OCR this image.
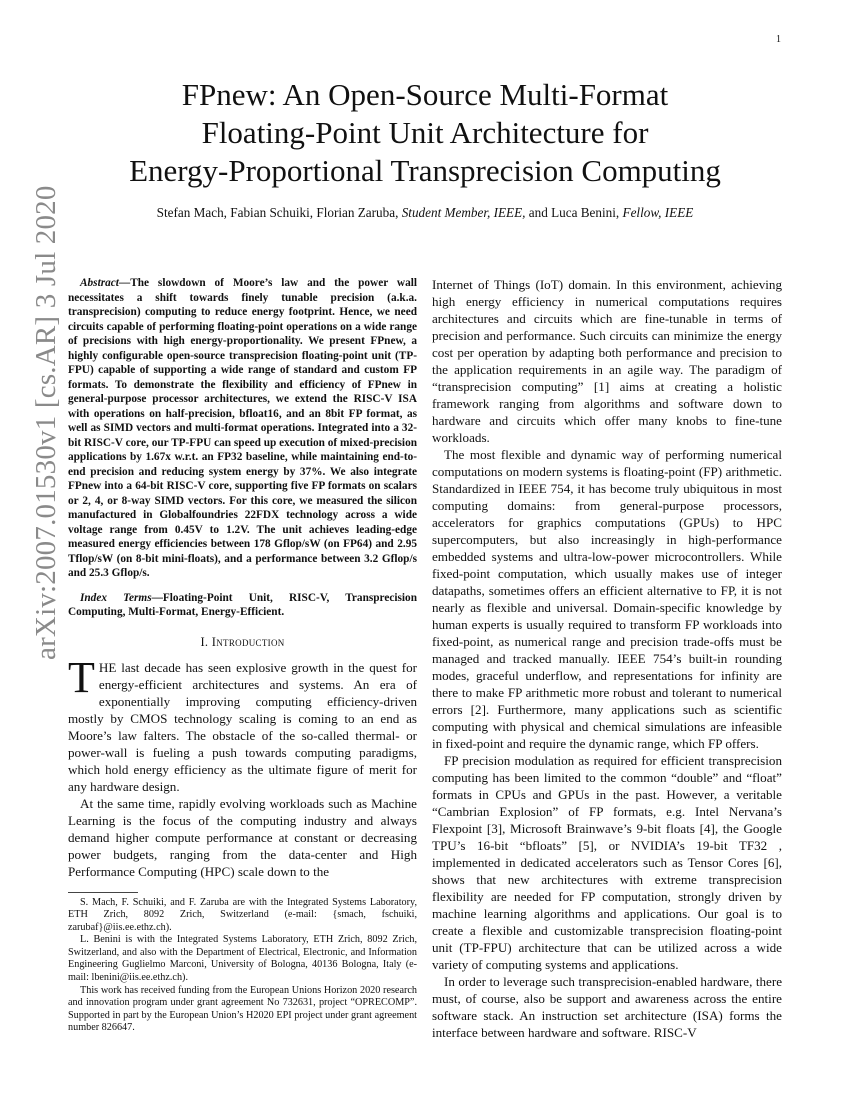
1
arXiv:2007.01530v1 [cs.AR] 3 Jul 2020
FPnew: An Open-Source Multi-Format
Floating-Point Unit Architecture for
Energy-Proportional Transprecision Computing
Stefan Mach, Fabian Schuiki, Florian Zaruba, Student Member, IEEE, and Luca Benini, Fellow, IEEE

Abstract—The slowdown of Moore’s law and the power wall necessitates a shift towards finely tunable precision (a.k.a. transprecision) computing to reduce energy footprint. Hence, we need circuits capable of performing floating-point operations on a wide range of precisions with high energy-proportionality. We present FPnew, a highly configurable open-source transprecision floating-point unit (TP-FPU) capable of supporting a wide range of standard and custom FP formats. To demonstrate the flexibility and efficiency of FPnew in general-purpose processor architectures, we extend the RISC-V ISA with operations on half-precision, bfloat16, and an 8bit FP format, as well as SIMD vectors and multi-format operations. Integrated into a 32-bit RISC-V core, our TP-FPU can speed up execution of mixed-precision applications by 1.67x w.r.t. an FP32 baseline, while maintaining end-to-end precision and reducing system energy by 37%. We also integrate FPnew into a 64-bit RISC-V core, supporting five FP formats on scalars or 2, 4, or 8-way SIMD vectors. For this core, we measured the silicon manufactured in Globalfoundries 22FDX technology across a wide voltage range from 0.45V to 1.2V. The unit achieves leading-edge measured energy efficiencies between 178 Gflop/sW (on FP64) and 2.95 Tflop/sW (on 8-bit mini-floats), and a performance between 3.2 Gflop/s and 25.3 Gflop/s.

Index Terms—Floating-Point Unit, RISC-V, Transprecision Computing, Multi-Format, Energy-Efficient.

I. Introduction

THE last decade has seen explosive growth in the quest for energy-efficient architectures and systems. An era of exponentially improving computing efficiency-driven mostly by CMOS technology scaling is coming to an end as Moore’s law falters. The obstacle of the so-called thermal- or power-wall is fueling a push towards computing paradigms, which hold energy efficiency as the ultimate figure of merit for any hardware design.

At the same time, rapidly evolving workloads such as Machine Learning is the focus of the computing industry and always demand higher compute performance at constant or decreasing power budgets, ranging from the data-center and High Performance Computing (HPC) scale down to the

S. Mach, F. Schuiki, and F. Zaruba are with the Integrated Systems Laboratory, ETH Zrich, 8092 Zrich, Switzerland (e-mail: {smach, fschuiki, zarubaf}@iis.ee.ethz.ch).

L. Benini is with the Integrated Systems Laboratory, ETH Zrich, 8092 Zrich, Switzerland, and also with the Department of Electrical, Electronic, and Information Engineering Guglielmo Marconi, University of Bologna, 40136 Bologna, Italy (e-mail: lbenini@iis.ee.ethz.ch).

This work has received funding from the European Unions Horizon 2020 research and innovation program under grant agreement No 732631, project “OPRECOMP”. Supported in part by the European Union’s H2020 EPI project under grant agreement number 826647.

Internet of Things (IoT) domain. In this environment, achieving high energy efficiency in numerical computations requires architectures and circuits which are fine-tunable in terms of precision and performance. Such circuits can minimize the energy cost per operation by adapting both performance and precision to the application requirements in an agile way. The paradigm of “transprecision computing” [1] aims at creating a holistic framework ranging from algorithms and software down to hardware and circuits which offer many knobs to fine-tune workloads.

The most flexible and dynamic way of performing numerical computations on modern systems is floating-point (FP) arithmetic. Standardized in IEEE 754, it has become truly ubiquitous in most computing domains: from general-purpose processors, accelerators for graphics computations (GPUs) to HPC supercomputers, but also increasingly in high-performance embedded systems and ultra-low-power microcontrollers. While fixed-point computation, which usually makes use of integer datapaths, sometimes offers an efficient alternative to FP, it is not nearly as flexible and universal. Domain-specific knowledge by human experts is usually required to transform FP workloads into fixed-point, as numerical range and precision trade-offs must be managed and tracked manually. IEEE 754’s built-in rounding modes, graceful underflow, and representations for infinity are there to make FP arithmetic more robust and tolerant to numerical errors [2]. Furthermore, many applications such as scientific computing with physical and chemical simulations are infeasible in fixed-point and require the dynamic range, which FP offers.

FP precision modulation as required for efficient transprecision computing has been limited to the common “double” and “float” formats in CPUs and GPUs in the past. However, a veritable “Cambrian Explosion” of FP formats, e.g. Intel Nervana’s Flexpoint [3], Microsoft Brainwave’s 9-bit floats [4], the Google TPU’s 16-bit “bfloats” [5], or NVIDIA’s 19-bit TF32 , implemented in dedicated accelerators such as Tensor Cores [6], shows that new architectures with extreme transprecision flexibility are needed for FP computation, strongly driven by machine learning algorithms and applications. Our goal is to create a flexible and customizable transprecision floating-point unit (TP-FPU) architecture that can be utilized across a wide variety of computing systems and applications.

In order to leverage such transprecision-enabled hardware, there must, of course, also be support and awareness across the entire software stack. An instruction set architecture (ISA) forms the interface between hardware and software. RISC-V
